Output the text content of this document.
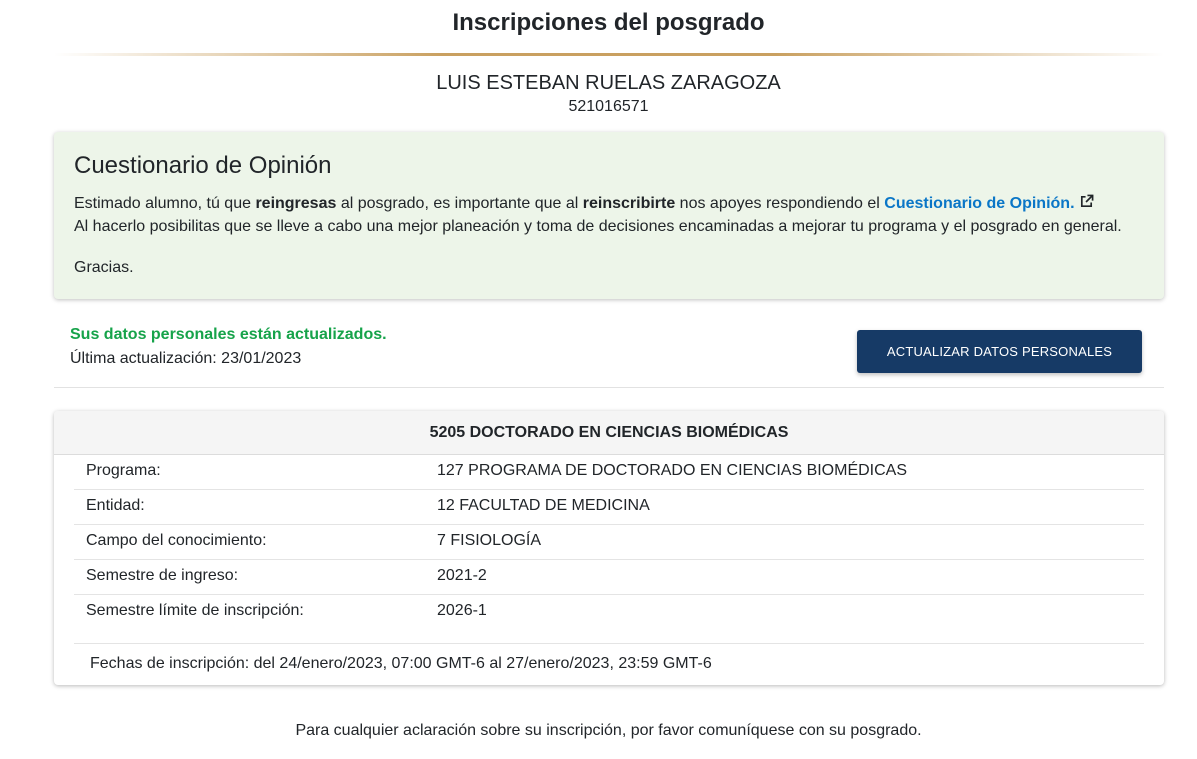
Inscripciones del posgrado
LUIS ESTEBAN RUELAS ZARAGOZA
521016571
Cuestionario de Opinión
Estimado alumno, tú que reingresas al posgrado, es importante que al reinscribirte nos apoyes respondiendo el Cuestionario de Opinión.
Al hacerlo posibilitas que se lleve a cabo una mejor planeación y toma de decisiones encaminadas a mejorar tu programa y el posgrado en general.
Gracias.
Sus datos personales están actualizados.
Última actualización: 23/01/2023	ACTUALIZAR DATOS PERSONALES
5205 DOCTORADO EN CIENCIAS BIOMÉDICAS
Programa:	127 PROGRAMA DE DOCTORADO EN CIENCIAS BIOMÉDICAS
Entidad:	12 FACULTAD DE MEDICINA
Campo del conocimiento:	7 FISIOLOGÍA
Semestre de ingreso:	2021-2
Semestre límite de inscripción:	2026-1
Fechas de inscripción: del 24/enero/2023, 07:00 GMT-6 al 27/enero/2023, 23:59 GMT-6
Para cualquier aclaración sobre su inscripción, por favor comuníquese con su posgrado.
